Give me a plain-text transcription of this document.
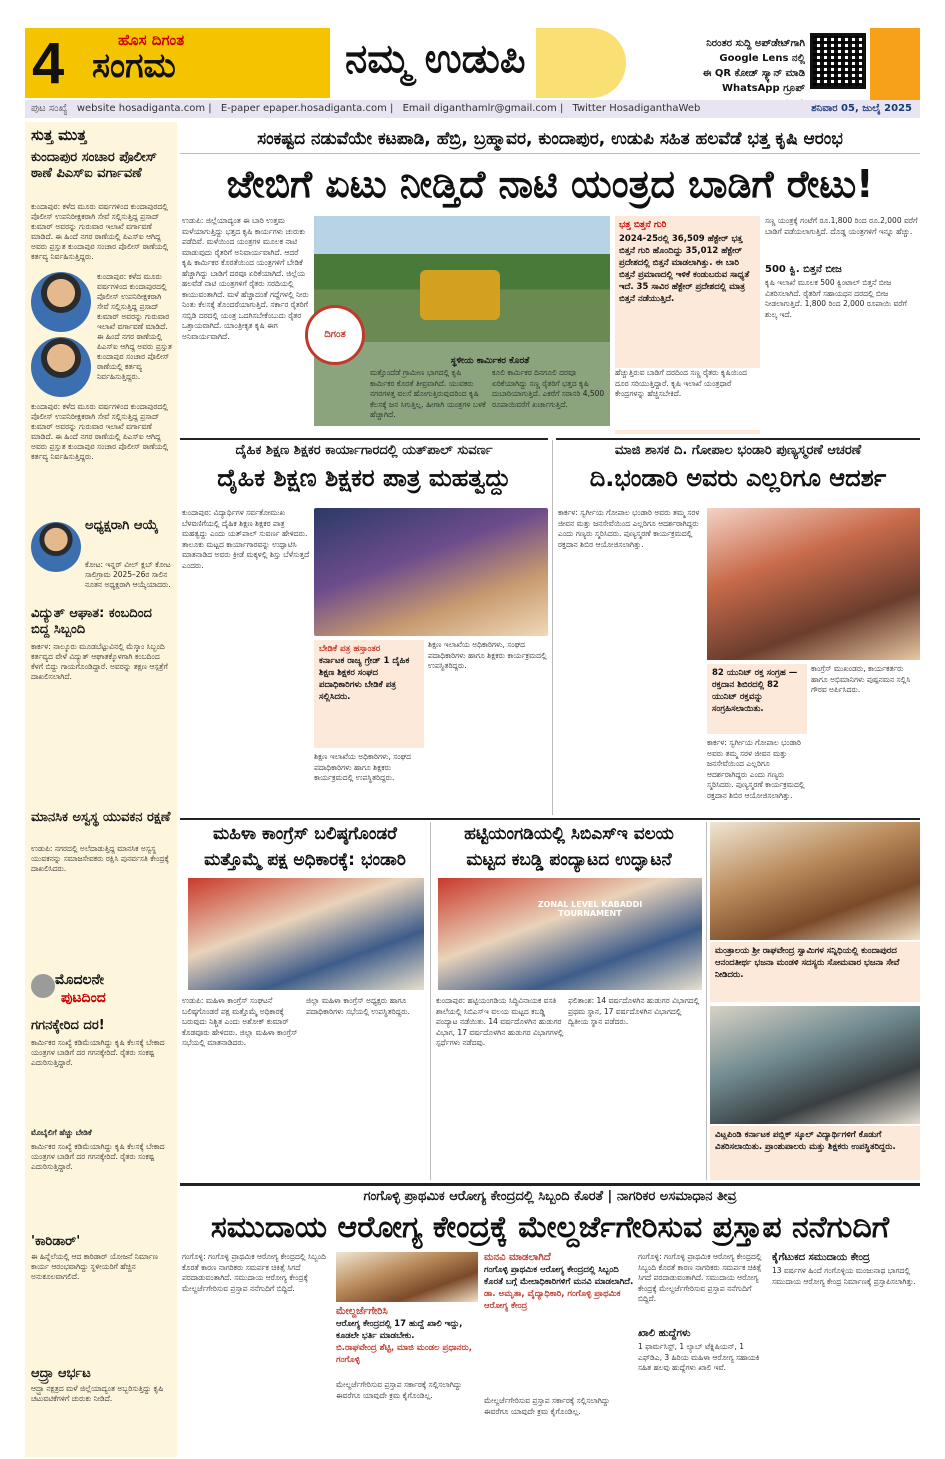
4	ಹೊಸ ದಿಗಂತ
ಸಂಗಮ	ನಮ್ಮ ಉಡುಪಿ	ನಿರಂತರ ಸುದ್ದಿ ಅಪ್‌ಡೇಟ್‌ಗಾಗಿ
Google Lens ನಲ್ಲಿ
ಈ QR ಕೋಡ್ ಸ್ಕ್ಯಾನ್ ಮಾಡಿ
WhatsApp ಗ್ರೂಪ್
ಪುಟ ಸಂಖ್ಯೆ website hosadiganta.com | E-paper epaper.hosadiganta.com | Email diganthamlr@gmail.com | Twitter HosadiganthaWeb	ಶನಿವಾರ 05, ಜುಲೈ 2025
ಸುತ್ತ ಮುತ್ತ
ಕುಂದಾಪುರ ಸಂಚಾರ ಪೊಲೀಸ್ ಠಾಣೆ ಪಿಎಸ್‌ಐ ವರ್ಗಾವಣೆ
ಕುಂದಾಪುರ: ಕಳೆದ ಮೂರು ವರ್ಷಗಳಿಂದ ಕುಂದಾಪುರದಲ್ಲಿ ಪೊಲೀಸ್ ಉಪನಿರೀಕ್ಷಕರಾಗಿ ಸೇವೆ ಸಲ್ಲಿಸುತ್ತಿದ್ದ ಪ್ರಸಾದ್ ಕುಮಾರ್ ಅವರನ್ನು ಗುರುವಾರ ಇಲಾಖೆ ವರ್ಗಾವಣೆ ಮಾಡಿದೆ. ಈ ಹಿಂದೆ ನಗರ ಠಾಣೆಯಲ್ಲಿ ಪಿಎಸ್‌ಐ ಆಗಿದ್ದ ಅವರು ಪ್ರಸ್ತುತ ಕುಂದಾಪುರ ಸಂಚಾರ ಪೊಲೀಸ್ ಠಾಣೆಯಲ್ಲಿ ಕರ್ತವ್ಯ ನಿರ್ವಹಿಸುತ್ತಿದ್ದರು.
ಕುಂದಾಪುರ: ಕಳೆದ ಮೂರು ವರ್ಷಗಳಿಂದ ಕುಂದಾಪುರದಲ್ಲಿ ಪೊಲೀಸ್ ಉಪನಿರೀಕ್ಷಕರಾಗಿ ಸೇವೆ ಸಲ್ಲಿಸುತ್ತಿದ್ದ ಪ್ರಸಾದ್ ಕುಮಾರ್ ಅವರನ್ನು ಗುರುವಾರ ಇಲಾಖೆ ವರ್ಗಾವಣೆ ಮಾಡಿದೆ. ಈ ಹಿಂದೆ ನಗರ ಠಾಣೆಯಲ್ಲಿ ಪಿಎಸ್‌ಐ ಆಗಿದ್ದ ಅವರು ಪ್ರಸ್ತುತ ಕುಂದಾಪುರ ಸಂಚಾರ ಪೊಲೀಸ್ ಠಾಣೆಯಲ್ಲಿ ಕರ್ತವ್ಯ ನಿರ್ವಹಿಸುತ್ತಿದ್ದರು.
ಕುಂದಾಪುರ: ಕಳೆದ ಮೂರು ವರ್ಷಗಳಿಂದ ಕುಂದಾಪುರದಲ್ಲಿ ಪೊಲೀಸ್ ಉಪನಿರೀಕ್ಷಕರಾಗಿ ಸೇವೆ ಸಲ್ಲಿಸುತ್ತಿದ್ದ ಪ್ರಸಾದ್ ಕುಮಾರ್ ಅವರನ್ನು ಗುರುವಾರ ಇಲಾಖೆ ವರ್ಗಾವಣೆ ಮಾಡಿದೆ. ಈ ಹಿಂದೆ ನಗರ ಠಾಣೆಯಲ್ಲಿ ಪಿಎಸ್‌ಐ ಆಗಿದ್ದ ಅವರು ಪ್ರಸ್ತುತ ಕುಂದಾಪುರ ಸಂಚಾರ ಪೊಲೀಸ್ ಠಾಣೆಯಲ್ಲಿ ಕರ್ತವ್ಯ ನಿರ್ವಹಿಸುತ್ತಿದ್ದರು.
ಅಧ್ಯಕ್ಷರಾಗಿ ಆಯ್ಕೆ
ಕೋಟ: ಇನ್ನರ್ ವೀಲ್ ಕ್ಲಬ್ ಕೋಟ ಸಾಲಿಗ್ರಾಮ 2025–26ರ ಸಾಲಿನ ನೂತನ ಅಧ್ಯಕ್ಷರಾಗಿ ಆಯ್ಕೆಯಾದರು.
ವಿದ್ಯುತ್ ಆಘಾತ: ಕಂಬದಿಂದ ಬಿದ್ದ ಸಿಬ್ಬಂದಿ
ಕಾರ್ಕಳ: ನಾಲ್ಕೂರು ಮೂಡಬೆಟ್ಟುವಿನಲ್ಲಿ ಮೆಸ್ಕಾಂ ಸಿಬ್ಬಂದಿ ಕರ್ತವ್ಯದ ವೇಳೆ ವಿದ್ಯುತ್ ಆಘಾತಕ್ಕೊಳಗಾಗಿ ಕಂಬದಿಂದ ಕೆಳಗೆ ಬಿದ್ದು ಗಾಯಗೊಂಡಿದ್ದಾರೆ. ಅವರನ್ನು ತಕ್ಷಣ ಆಸ್ಪತ್ರೆಗೆ ದಾಖಲಿಸಲಾಗಿದೆ.
ಮಾನಸಿಕ ಅಸ್ವಸ್ಥ ಯುವಕನ ರಕ್ಷಣೆ
ಉಡುಪಿ: ನಗರದಲ್ಲಿ ಅಲೆದಾಡುತ್ತಿದ್ದ ಮಾನಸಿಕ ಅಸ್ವಸ್ಥ ಯುವಕನನ್ನು ಸಮಾಜಸೇವಕರು ರಕ್ಷಿಸಿ ಪುನರ್ವಸತಿ ಕೇಂದ್ರಕ್ಕೆ ದಾಖಲಿಸಿದರು.
ಮೊದಲನೇ
ಪುಟದಿಂದ
ಗಗನಕ್ಕೇರಿದ ದರ!
ಕಾರ್ಮಿಕರ ಸಂಖ್ಯೆ ಕಡಿಮೆಯಾಗಿದ್ದು ಕೃಷಿ ಕೆಲಸಕ್ಕೆ ಬೇಕಾದ ಯಂತ್ರಗಳ ಬಾಡಿಗೆ ದರ ಗಗನಕ್ಕೇರಿದೆ. ರೈತರು ಸಂಕಷ್ಟ ಎದುರಿಸುತ್ತಿದ್ದಾರೆ.
ಮೊಬೈಲಿಗೆ ಹೆಚ್ಚು ಬೇಡಿಕೆ
ಕಾರ್ಮಿಕರ ಸಂಖ್ಯೆ ಕಡಿಮೆಯಾಗಿದ್ದು ಕೃಷಿ ಕೆಲಸಕ್ಕೆ ಬೇಕಾದ ಯಂತ್ರಗಳ ಬಾಡಿಗೆ ದರ ಗಗನಕ್ಕೇರಿದೆ. ರೈತರು ಸಂಕಷ್ಟ ಎದುರಿಸುತ್ತಿದ್ದಾರೆ.
'ಕಾರಿಡಾರ್'
ಈ ಹಿನ್ನೆಲೆಯಲ್ಲಿ ಆದ ಕಾರಿಡಾರ್ ಯೋಜನೆ ನಿರ್ಮಾಣ ಕಾರ್ಯ ಆರಂಭವಾಗಿದ್ದು ಸ್ಥಳೀಯರಿಗೆ ಹೆಚ್ಚಿನ ಅನುಕೂಲವಾಗಲಿದೆ.
ಆದ್ರ್ರಾ ಆರ್ಭಟ
ಆದ್ರ್ರಾ ನಕ್ಷತ್ರದ ಮಳೆ ಜಿಲ್ಲೆಯಾದ್ಯಂತ ಅಬ್ಬರಿಸುತ್ತಿದ್ದು ಕೃಷಿ ಚಟುವಟಿಕೆಗಳಿಗೆ ಚುರುಕು ನೀಡಿದೆ.
ಸಂಕಷ್ಟದ ನಡುವೆಯೇ ಕಟಪಾಡಿ, ಹೆಬ್ರಿ, ಬ್ರಹ್ಮಾವರ, ಕುಂದಾಪುರ, ಉಡುಪಿ ಸಹಿತ ಹಲವೆಡೆ ಭತ್ತ ಕೃಷಿ ಆರಂಭ
ಜೇಬಿಗೆ ಏಟು ನೀಡ್ತಿದೆ ನಾಟಿ ಯಂತ್ರದ ಬಾಡಿಗೆ ರೇಟು!
ಉಡುಪಿ: ಜಿಲ್ಲೆಯಾದ್ಯಂತ ಈ ಬಾರಿ ಉತ್ತಮ ಮಳೆಯಾಗುತ್ತಿದ್ದು ಭತ್ತದ ಕೃಷಿ ಕಾರ್ಯಗಳು ಚುರುಕು ಪಡೆದಿವೆ. ಮಳೆಯಿಂದ ಯಂತ್ರಗಳ ಮೂಲಕ ನಾಟಿ ಮಾಡುವುದು ರೈತರಿಗೆ ಅನಿವಾರ್ಯವಾಗಿದೆ. ಆದರೆ ಕೃಷಿ ಕಾರ್ಮಿಕರ ಕೊರತೆಯಿಂದ ಯಂತ್ರಗಳಿಗೆ ಬೇಡಿಕೆ ಹೆಚ್ಚಾಗಿದ್ದು ಬಾಡಿಗೆ ದರವೂ ಏರಿಕೆಯಾಗಿದೆ. ಜಿಲ್ಲೆಯ ಹಲವೆಡೆ ನಾಟಿ ಯಂತ್ರಗಳಿಗೆ ರೈತರು ಸರದಿಯಲ್ಲಿ ಕಾಯುವಂತಾಗಿದೆ. ಮಳೆ ಹೆಚ್ಚಾದಂತೆ ಗದ್ದೆಗಳಲ್ಲಿ ನೀರು ನಿಂತು ಕೆಲಸಕ್ಕೆ ತೊಂದರೆಯಾಗುತ್ತಿದೆ. ಸರ್ಕಾರ ರೈತರಿಗೆ ಸಬ್ಸಿಡಿ ದರದಲ್ಲಿ ಯಂತ್ರ ಒದಗಿಸಬೇಕೆಂಬುದು ರೈತರ ಒತ್ತಾಯವಾಗಿದೆ. ಯಾಂತ್ರೀಕೃತ ಕೃಷಿ ಈಗ ಅನಿವಾರ್ಯವಾಗಿದೆ.	ದಿಗಂತ
ಸ್ಥಳೀಯ ಕಾರ್ಮಿಕರ ಕೊರತೆ
ಮತ್ತೊಂದೆಡೆ ಗ್ರಾಮೀಣ ಭಾಗದಲ್ಲಿ ಕೃಷಿ ಕಾರ್ಮಿಕರ ಕೊರತೆ ತೀವ್ರವಾಗಿದೆ. ಯುವಕರು ನಗರಗಳತ್ತ ವಲಸೆ ಹೋಗುತ್ತಿರುವುದರಿಂದ ಕೃಷಿ ಕೆಲಸಕ್ಕೆ ಜನ ಸಿಗುತ್ತಿಲ್ಲ. ಹೀಗಾಗಿ ಯಂತ್ರಗಳ ಬಳಕೆ ಹೆಚ್ಚಾಗಿದೆ.
ಕೂಲಿ ಕಾರ್ಮಿಕರ ದಿನಗೂಲಿ ದರವೂ ಏರಿಕೆಯಾಗಿದ್ದು ಸಣ್ಣ ರೈತರಿಗೆ ಭತ್ತದ ಕೃಷಿ ದುಬಾರಿಯಾಗುತ್ತಿದೆ. ಎಕರೆಗೆ ಸರಾಸರಿ 4,500 ರೂಪಾಯಿವರೆಗೆ ಖರ್ಚಾಗುತ್ತಿದೆ.
ಭತ್ತ ಬಿತ್ತನೆ ಗುರಿ
2024-25ರಲ್ಲಿ 36,509 ಹೆಕ್ಟೇರ್ ಭತ್ತ ಬಿತ್ತನೆ ಗುರಿ ಹೊಂದಿದ್ದು 35,012 ಹೆಕ್ಟೇರ್ ಪ್ರದೇಶದಲ್ಲಿ ಬಿತ್ತನೆ ಮಾಡಲಾಗಿತ್ತು. ಈ ಬಾರಿ ಬಿತ್ತನೆ ಪ್ರಮಾಣದಲ್ಲಿ ಇಳಿಕೆ ಕಂಡುಬರುವ ಸಾಧ್ಯತೆ ಇದೆ. 35 ಸಾವಿರ ಹೆಕ್ಟೇರ್ ಪ್ರದೇಶದಲ್ಲಿ ಮಾತ್ರ ಬಿತ್ತನೆ ನಡೆಯುತ್ತಿದೆ.
ಹೆಚ್ಚುತ್ತಿರುವ ಬಾಡಿಗೆ ದರದಿಂದ ಸಣ್ಣ ರೈತರು ಕೃಷಿಯಿಂದ ದೂರ ಸರಿಯುತ್ತಿದ್ದಾರೆ. ಕೃಷಿ ಇಲಾಖೆ ಯಂತ್ರಧಾರೆ ಕೇಂದ್ರಗಳನ್ನು ಹೆಚ್ಚಿಸಬೇಕಿದೆ.
ಸಣ್ಣ ಯಂತ್ರಕ್ಕೆ ಗಂಟೆಗೆ ರೂ.1,800 ರಿಂದ ರೂ.2,000 ವರೆಗೆ ಬಾಡಿಗೆ ಪಡೆಯಲಾಗುತ್ತಿದೆ. ದೊಡ್ಡ ಯಂತ್ರಗಳಿಗೆ ಇನ್ನೂ ಹೆಚ್ಚು.
500 ಕ್ವಿ. ಬಿತ್ತನೆ ಬೀಜ
ಕೃಷಿ ಇಲಾಖೆ ಮೂಲಕ 500 ಕ್ವಿಂಟಾಲ್ ಬಿತ್ತನೆ ಬೀಜ ವಿತರಿಸಲಾಗಿದೆ. ರೈತರಿಗೆ ಸಹಾಯಧನ ದರದಲ್ಲಿ ಬೀಜ ನೀಡಲಾಗುತ್ತಿದೆ. 1,800 ರಿಂದ 2,000 ರೂಪಾಯಿ ವರೆಗೆ ಶುಲ್ಕ ಇದೆ.
ದೈಹಿಕ ಶಿಕ್ಷಣ ಶಿಕ್ಷಕರ ಕಾರ್ಯಾಗಾರದಲ್ಲಿ ಯತ್‌ಪಾಲ್ ಸುವರ್ಣ
ದೈಹಿಕ ಶಿಕ್ಷಣ ಶಿಕ್ಷಕರ ಪಾತ್ರ ಮಹತ್ವದ್ದು
ಕುಂದಾಪುರ: ವಿದ್ಯಾರ್ಥಿಗಳ ಸರ್ವತೋಮುಖ ಬೆಳವಣಿಗೆಯಲ್ಲಿ ದೈಹಿಕ ಶಿಕ್ಷಣ ಶಿಕ್ಷಕರ ಪಾತ್ರ ಮಹತ್ವದ್ದು ಎಂದು ಯತ್‌ಪಾಲ್ ಸುವರ್ಣ ಹೇಳಿದರು. ತಾಲೂಕು ಮಟ್ಟದ ಕಾರ್ಯಾಗಾರವನ್ನು ಉದ್ಘಾಟಿಸಿ ಮಾತನಾಡಿದ ಅವರು ಕ್ರೀಡೆ ಮಕ್ಕಳಲ್ಲಿ ಶಿಸ್ತು ಬೆಳೆಸುತ್ತದೆ ಎಂದರು.
ಬೇಡಿಕೆ ಪತ್ರ ಹಸ್ತಾಂತರ
ಕರ್ನಾಟಕ ರಾಜ್ಯ ಗ್ರೇಡ್ 1 ದೈಹಿಕ ಶಿಕ್ಷಣ ಶಿಕ್ಷಕರ ಸಂಘದ ಪದಾಧಿಕಾರಿಗಳು ಬೇಡಿಕೆ ಪತ್ರ ಸಲ್ಲಿಸಿದರು.
ಶಿಕ್ಷಣ ಇಲಾಖೆಯ ಅಧಿಕಾರಿಗಳು, ಸಂಘದ ಪದಾಧಿಕಾರಿಗಳು ಹಾಗೂ ಶಿಕ್ಷಕರು ಕಾರ್ಯಕ್ರಮದಲ್ಲಿ ಉಪಸ್ಥಿತರಿದ್ದರು.
ಶಿಕ್ಷಣ ಇಲಾಖೆಯ ಅಧಿಕಾರಿಗಳು, ಸಂಘದ ಪದಾಧಿಕಾರಿಗಳು ಹಾಗೂ ಶಿಕ್ಷಕರು ಕಾರ್ಯಕ್ರಮದಲ್ಲಿ ಉಪಸ್ಥಿತರಿದ್ದರು.
ಮಾಜಿ ಶಾಸಕ ದಿ. ಗೋಪಾಲ ಭಂಡಾರಿ ಪುಣ್ಯಸ್ಮರಣೆ ಆಚರಣೆ
ದಿ.ಭಂಡಾರಿ ಅವರು ಎಲ್ಲರಿಗೂ ಆದರ್ಶ
ಕಾರ್ಕಳ: ಸ್ವರ್ಗೀಯ ಗೋಪಾಲ ಭಂಡಾರಿ ಅವರು ತಮ್ಮ ಸರಳ ಜೀವನ ಮತ್ತು ಜನಸೇವೆಯಿಂದ ಎಲ್ಲರಿಗೂ ಆದರ್ಶರಾಗಿದ್ದರು ಎಂದು ಗಣ್ಯರು ಸ್ಮರಿಸಿದರು. ಪುಣ್ಯಸ್ಮರಣೆ ಕಾರ್ಯಕ್ರಮದಲ್ಲಿ ರಕ್ತದಾನ ಶಿಬಿರ ಆಯೋಜಿಸಲಾಗಿತ್ತು.
82 ಯುನಿಟ್ ರಕ್ತ ಸಂಗ್ರಹ — ರಕ್ತದಾನ ಶಿಬಿರದಲ್ಲಿ 82 ಯುನಿಟ್ ರಕ್ತವನ್ನು ಸಂಗ್ರಹಿಸಲಾಯಿತು.
ಕಾಂಗ್ರೆಸ್ ಮುಖಂಡರು, ಕಾರ್ಯಕರ್ತರು ಹಾಗೂ ಅಭಿಮಾನಿಗಳು ಪುಷ್ಪನಮನ ಸಲ್ಲಿಸಿ ಗೌರವ ಅರ್ಪಿಸಿದರು.
ಕಾರ್ಕಳ: ಸ್ವರ್ಗೀಯ ಗೋಪಾಲ ಭಂಡಾರಿ ಅವರು ತಮ್ಮ ಸರಳ ಜೀವನ ಮತ್ತು ಜನಸೇವೆಯಿಂದ ಎಲ್ಲರಿಗೂ ಆದರ್ಶರಾಗಿದ್ದರು ಎಂದು ಗಣ್ಯರು ಸ್ಮರಿಸಿದರು. ಪುಣ್ಯಸ್ಮರಣೆ ಕಾರ್ಯಕ್ರಮದಲ್ಲಿ ರಕ್ತದಾನ ಶಿಬಿರ ಆಯೋಜಿಸಲಾಗಿತ್ತು.
ಮಹಿಳಾ ಕಾಂಗ್ರೆಸ್ ಬಲಿಷ್ಠಗೊಂಡರೆ
ಮತ್ತೊಮ್ಮೆ ಪಕ್ಷ ಅಧಿಕಾರಕ್ಕೆ: ಭಂಡಾರಿ
ಉಡುಪಿ: ಮಹಿಳಾ ಕಾಂಗ್ರೆಸ್ ಸಂಘಟನೆ ಬಲಿಷ್ಠಗೊಂಡರೆ ಪಕ್ಷ ಮತ್ತೊಮ್ಮೆ ಅಧಿಕಾರಕ್ಕೆ ಬರುವುದು ನಿಶ್ಚಿತ ಎಂದು ಅಶೋಕ್ ಕುಮಾರ್ ಕೊಡವೂರು ಹೇಳಿದರು. ಜಿಲ್ಲಾ ಮಹಿಳಾ ಕಾಂಗ್ರೆಸ್ ಸಭೆಯಲ್ಲಿ ಮಾತನಾಡಿದರು.
ಜಿಲ್ಲಾ ಮಹಿಳಾ ಕಾಂಗ್ರೆಸ್ ಅಧ್ಯಕ್ಷರು ಹಾಗೂ ಪದಾಧಿಕಾರಿಗಳು ಸಭೆಯಲ್ಲಿ ಉಪಸ್ಥಿತರಿದ್ದರು.
ಹಟ್ಟಿಯಂಗಡಿಯಲ್ಲಿ ಸಿಬಿಎಸ್‌ಇ ವಲಯ
ಮಟ್ಟದ ಕಬಡ್ಡಿ ಪಂದ್ಯಾಟದ ಉದ್ಘಾಟನೆ
ZONAL LEVEL KABADDI TOURNAMENT
ಕುಂದಾಪುರ: ಹಟ್ಟಿಯಂಗಡಿಯ ಸಿದ್ಧಿವಿನಾಯಕ ವಸತಿ ಶಾಲೆಯಲ್ಲಿ ಸಿಬಿಎಸ್‌ಇ ವಲಯ ಮಟ್ಟದ ಕಬಡ್ಡಿ ಪಂದ್ಯಾಟ ನಡೆಯಿತು. 14 ವರ್ಷದೊಳಗಿನ ಹುಡುಗರ ವಿಭಾಗ, 17 ವರ್ಷದೊಳಗಿನ ಹುಡುಗರ ವಿಭಾಗಗಳಲ್ಲಿ ಸ್ಪರ್ಧೆಗಳು ನಡೆದವು.
ಫಲಿತಾಂಶ: 14 ವರ್ಷದೊಳಗಿನ ಹುಡುಗರ ವಿಭಾಗದಲ್ಲಿ ಪ್ರಥಮ ಸ್ಥಾನ, 17 ವರ್ಷದೊಳಗಿನ ವಿಭಾಗದಲ್ಲಿ ದ್ವಿತೀಯ ಸ್ಥಾನ ಪಡೆದರು.
ಮಂತ್ರಾಲಯ ಶ್ರೀ ರಾಘವೇಂದ್ರ ಸ್ವಾಮಿಗಳ ಸನ್ನಿಧಿಯಲ್ಲಿ ಕುಂದಾಪುರದ ಆನಂದತೀರ್ಥ ಭಜನಾ ಮಂಡಳಿ ಸದಸ್ಯರು ಸೋಮವಾರ ಭಜನಾ ಸೇವೆ ನೀಡಿದರು.
ವಿಟ್ಲಪಿಂಡಿ ಕರ್ನಾಟಕ ಪಬ್ಲಿಕ್ ಸ್ಕೂಲ್ ವಿದ್ಯಾರ್ಥಿಗಳಿಗೆ ಕೊಡುಗೆ ವಿತರಿಸಲಾಯಿತು. ಪ್ರಾಂಶುಪಾಲರು ಮತ್ತು ಶಿಕ್ಷಕರು ಉಪಸ್ಥಿತರಿದ್ದರು.
ಗಂಗೊಳ್ಳಿ ಪ್ರಾಥಮಿಕ ಆರೋಗ್ಯ ಕೇಂದ್ರದಲ್ಲಿ ಸಿಬ್ಬಂದಿ ಕೊರತೆ | ನಾಗರಿಕರ ಅಸಮಾಧಾನ ತೀವ್ರ
ಸಮುದಾಯ ಆರೋಗ್ಯ ಕೇಂದ್ರಕ್ಕೆ ಮೇಲ್ದರ್ಜೆಗೇರಿಸುವ ಪ್ರಸ್ತಾಪ ನನೆಗುದಿಗೆ
ಗಂಗೊಳ್ಳಿ: ಗಂಗೊಳ್ಳಿ ಪ್ರಾಥಮಿಕ ಆರೋಗ್ಯ ಕೇಂದ್ರದಲ್ಲಿ ಸಿಬ್ಬಂದಿ ಕೊರತೆ ಕಾರಣ ನಾಗರಿಕರು ಸಮರ್ಪಕ ಚಿಕಿತ್ಸೆ ಸಿಗದೆ ಪರದಾಡುವಂತಾಗಿದೆ. ಸಮುದಾಯ ಆರೋಗ್ಯ ಕೇಂದ್ರಕ್ಕೆ ಮೇಲ್ದರ್ಜೆಗೇರಿಸುವ ಪ್ರಸ್ತಾಪ ನನೆಗುದಿಗೆ ಬಿದ್ದಿದೆ.
ಮೇಲ್ದರ್ಜೆಗೇರಿಸಿ
ಆರೋಗ್ಯ ಕೇಂದ್ರದಲ್ಲಿ 17 ಹುದ್ದೆ ಖಾಲಿ ಇದ್ದು, ಕೂಡಲೇ ಭರ್ತಿ ಮಾಡಬೇಕು.
ಬಿ.ರಾಘವೇಂದ್ರ ಶೆಟ್ಟಿ, ಮಾಜಿ ಮಂಡಲ ಪ್ರಧಾನರು, ಗಂಗೊಳ್ಳಿ
ಮೇಲ್ದರ್ಜೆಗೇರಿಸುವ ಪ್ರಸ್ತಾಪ ಸರ್ಕಾರಕ್ಕೆ ಸಲ್ಲಿಸಲಾಗಿದ್ದು ಈವರೆಗೂ ಯಾವುದೇ ಕ್ರಮ ಕೈಗೊಂಡಿಲ್ಲ.
ಮನವಿ ಮಾಡಲಾಗಿದೆ
ಗಂಗೊಳ್ಳಿ ಪ್ರಾಥಮಿಕ ಆರೋಗ್ಯ ಕೇಂದ್ರದಲ್ಲಿ ಸಿಬ್ಬಂದಿ ಕೊರತೆ ಬಗ್ಗೆ ಮೇಲಾಧಿಕಾರಿಗಳಿಗೆ ಮನವಿ ಮಾಡಲಾಗಿದೆ.
ಡಾ. ಅಮೃತಾ, ವೈದ್ಯಾಧಿಕಾರಿ, ಗಂಗೊಳ್ಳಿ ಪ್ರಾಥಮಿಕ ಆರೋಗ್ಯ ಕೇಂದ್ರ
ಮೇಲ್ದರ್ಜೆಗೇರಿಸುವ ಪ್ರಸ್ತಾಪ ಸರ್ಕಾರಕ್ಕೆ ಸಲ್ಲಿಸಲಾಗಿದ್ದು ಈವರೆಗೂ ಯಾವುದೇ ಕ್ರಮ ಕೈಗೊಂಡಿಲ್ಲ.
ಗಂಗೊಳ್ಳಿ: ಗಂಗೊಳ್ಳಿ ಪ್ರಾಥಮಿಕ ಆರೋಗ್ಯ ಕೇಂದ್ರದಲ್ಲಿ ಸಿಬ್ಬಂದಿ ಕೊರತೆ ಕಾರಣ ನಾಗರಿಕರು ಸಮರ್ಪಕ ಚಿಕಿತ್ಸೆ ಸಿಗದೆ ಪರದಾಡುವಂತಾಗಿದೆ. ಸಮುದಾಯ ಆರೋಗ್ಯ ಕೇಂದ್ರಕ್ಕೆ ಮೇಲ್ದರ್ಜೆಗೇರಿಸುವ ಪ್ರಸ್ತಾಪ ನನೆಗುದಿಗೆ ಬಿದ್ದಿದೆ.
ಖಾಲಿ ಹುದ್ದೆಗಳು
1 ಫಾರ್ಮಸಿಸ್ಟ್, 1 ಲ್ಯಾಬ್ ಟೆಕ್ನಿಷಿಯನ್, 1 ಎಫ್‌ಡಿಎ, 3 ಹಿರಿಯ ಮಹಿಳಾ ಆರೋಗ್ಯ ಸಹಾಯಕಿ ಸಹಿತ ಹಲವು ಹುದ್ದೆಗಳು ಖಾಲಿ ಇವೆ.
ಕೈಗೆಟುಕದ ಸಮುದಾಯ ಕೇಂದ್ರ
13 ವರ್ಷಗಳ ಹಿಂದೆ ಗಂಗೊಳ್ಳಿಯ ಮಂಜುನಾಥ ಭಾಗದಲ್ಲಿ ಸಮುದಾಯ ಆರೋಗ್ಯ ಕೇಂದ್ರ ನಿರ್ಮಾಣಕ್ಕೆ ಪ್ರಸ್ತಾಪಿಸಲಾಗಿತ್ತು.
